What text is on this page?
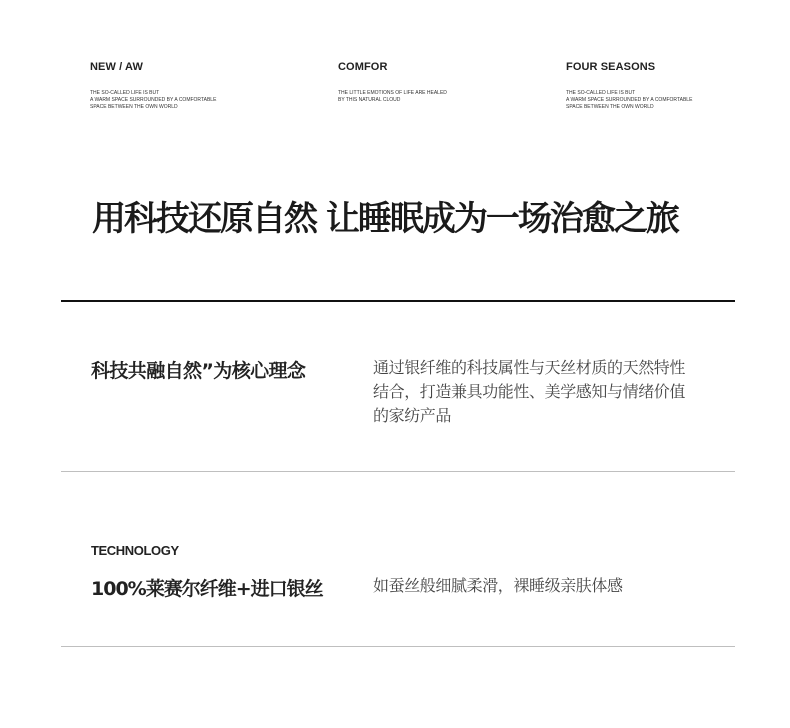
NEW / AW
THE SO-CALLED LIFE IS BUT
A WARM SPACE SURROUNDED BY A COMFORTABLE
SPACE BETWEEN THE OWN WORLD
COMFOR
THE LITTLE EMOTIONS OF LIFE ARE HEALED
BY THIS NATURAL CLOUD
FOUR SEASONS
THE SO-CALLED LIFE IS BUT
A WARM SPACE SURROUNDED BY A COMFORTABLE
SPACE BETWEEN THE OWN WORLD
用科技还原自然 让睡眠成为一场治愈之旅
科技共融自然”为核心理念	通过银纤维的科技属性与天丝材质的天然特性
结合，打造兼具功能性、美学感知与情绪价值
的家纺产品
TECHNOLOGY
100%莱赛尔纤维+进口银丝	如蚕丝般细腻柔滑，裸睡级亲肤体感
